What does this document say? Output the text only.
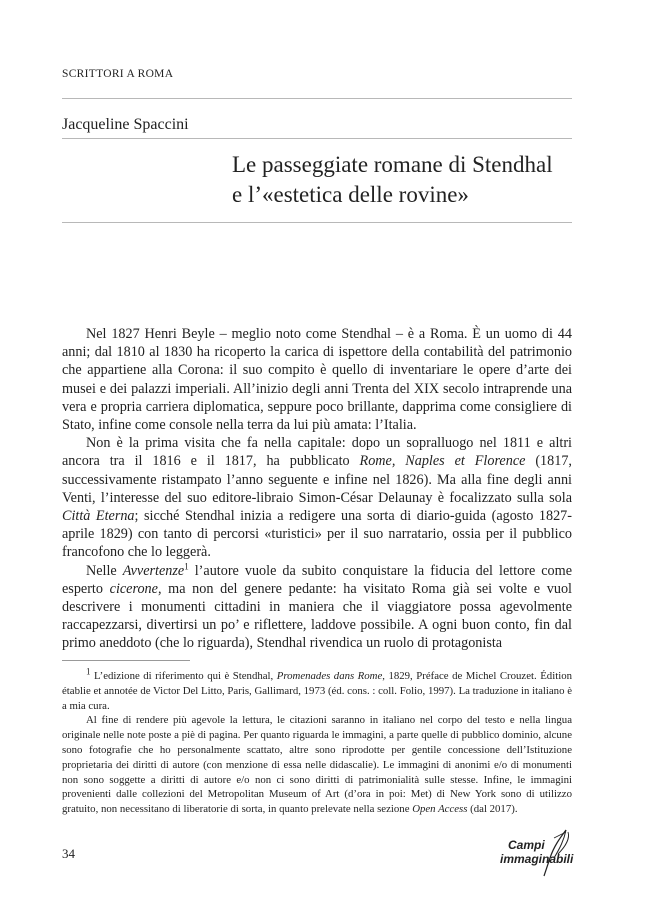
SCRITTORI A ROMA
Jacqueline Spaccini
Le passeggiate romane di Stendhal
e l’«estetica delle rovine»

Nel 1827 Henri Beyle – meglio noto come Stendhal – è a Roma. È un uomo di 44 anni; dal 1810 al 1830 ha ricoperto la carica di ispettore della contabilità del patrimonio che appartiene alla Corona: il suo compito è quello di inventariare le opere d’arte dei musei e dei palazzi imperiali. All’inizio degli anni Trenta del XIX secolo intraprende una vera e propria carriera diplomatica, seppure poco brillante, dapprima come consigliere di Stato, infine come console nella terra da lui più amata: l’Italia.

Non è la prima visita che fa nella capitale: dopo un sopralluogo nel 1811 e altri ancora tra il 1816 e il 1817, ha pubblicato Rome, Naples et Florence (1817, successivamente ristampato l’anno seguente e infine nel 1826). Ma alla fine degli anni Venti, l’interesse del suo editore-libraio Simon-César Delaunay è focalizzato sulla sola Città Eterna; sicché Stendhal inizia a redigere una sorta di diario-guida (agosto 1827-aprile 1829) con tanto di percorsi «turistici» per il suo narratario, ossia per il pubblico francofono che lo leggerà.

Nelle Avvertenze$^1$ l’autore vuole da subito conquistare la fiducia del lettore come esperto cicerone, ma non del genere pedante: ha visitato Roma già sei volte e vuol descrivere i monumenti cittadini in maniera che il viaggiatore possa agevolmente raccapezzarsi, divertirsi un po’ e riflettere, laddove possibile. A ogni buon conto, fin dal primo aneddoto (che lo riguarda), Stendhal rivendica un ruolo di protagonista

$^1$ L’edizione di riferimento qui è Stendhal, Promenades dans Rome, 1829, Préface de Michel Crouzet. Édition établie et annotée de Victor Del Litto, Paris, Gallimard, 1973 (éd. cons. : coll. Folio, 1997). La traduzione in italiano è a mia cura.

Al fine di rendere più agevole la lettura, le citazioni saranno in italiano nel corpo del testo e nella lingua originale nelle note poste a piè di pagina. Per quanto riguarda le immagini, a parte quelle di pubblico dominio, alcune sono fotografie che ho personalmente scattato, altre sono riprodotte per gentile concessione dell’Istituzione proprietaria dei diritti di autore (con menzione di essa nelle didascalie). Le immagini di anonimi e/o di monumenti non sono soggette a diritti di autore e/o non ci sono diritti di patrimonialità sulle stesse. Infine, le immagini provenienti dalle collezioni del Metropolitan Museum of Art (d’ora in poi: Met) di New York sono di utilizzo gratuito, non necessitano di liberatorie di sorta, in quanto prelevate nella sezione Open Access (dal 2017).

34
Campi
immaginabili
